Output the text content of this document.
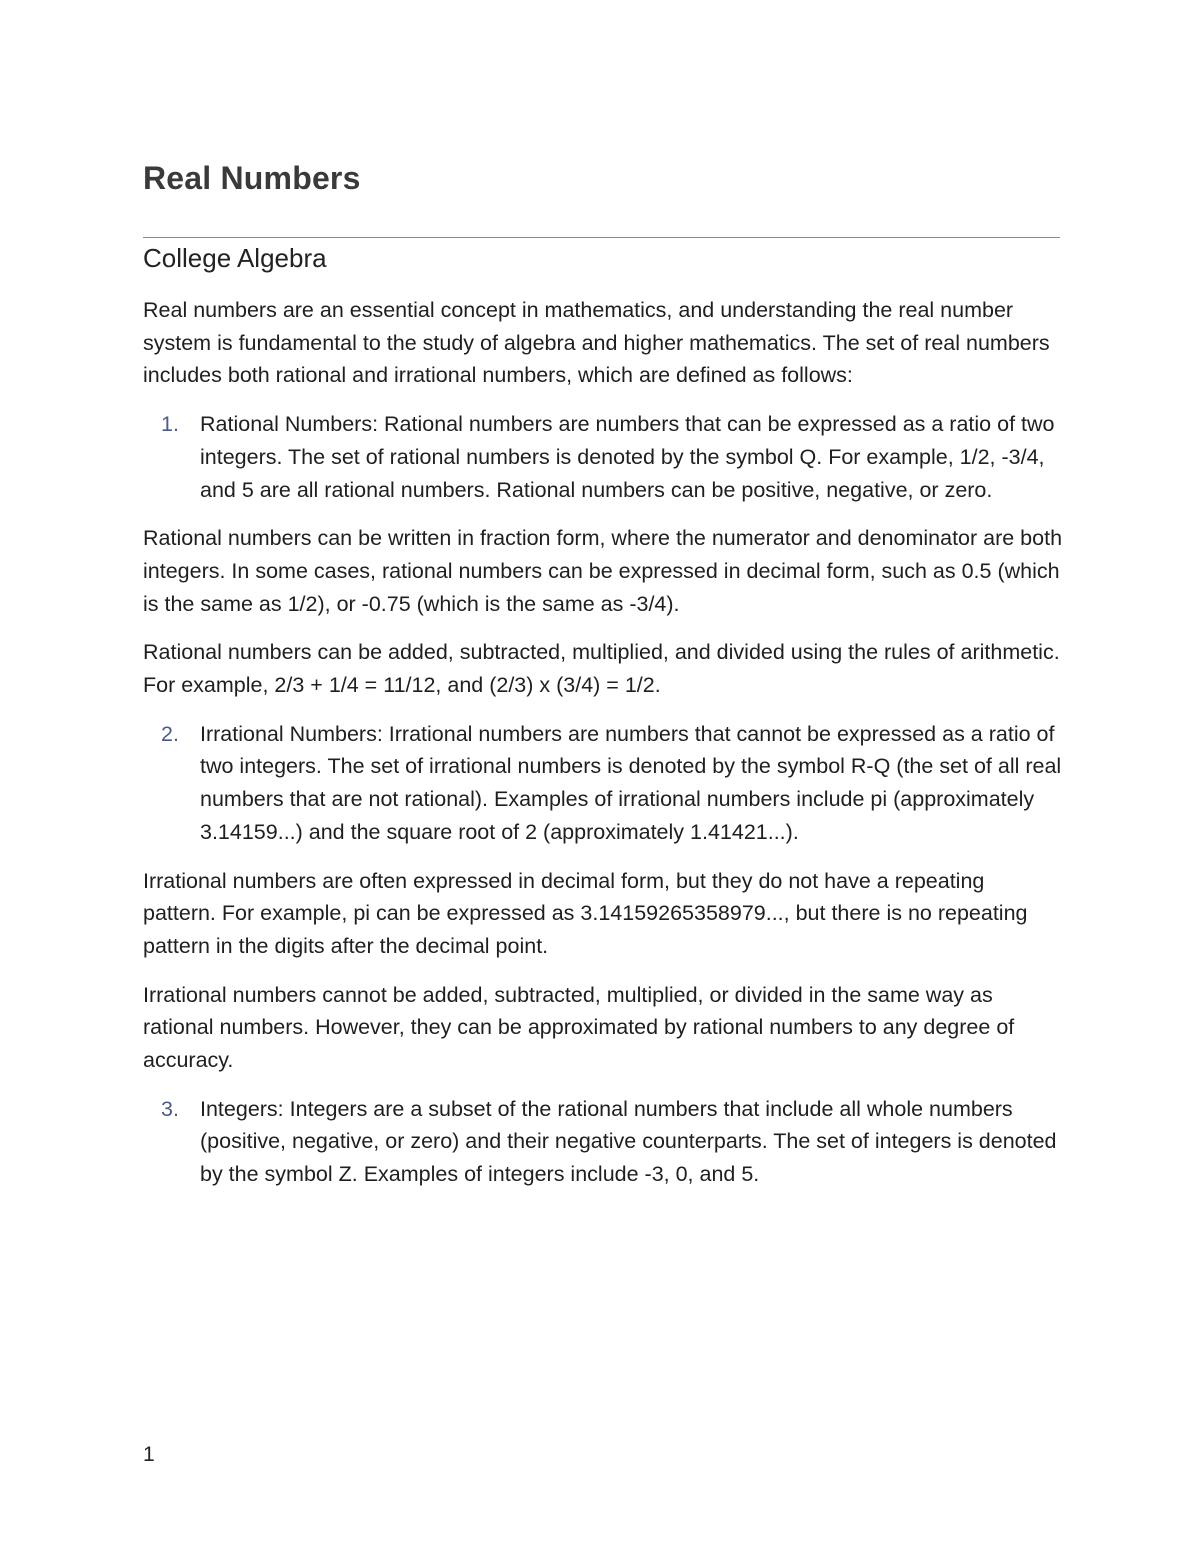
Real Numbers
College Algebra

Real numbers are an essential concept in mathematics, and understanding the real number system is fundamental to the study of algebra and higher mathematics. The set of real numbers includes both rational and irrational numbers, which are defined as follows:

1. Rational Numbers: Rational numbers are numbers that can be expressed as a ratio of two integers. The set of rational numbers is denoted by the symbol Q. For example, 1/2, -3/4, and 5 are all rational numbers. Rational numbers can be positive, negative, or zero.

Rational numbers can be written in fraction form, where the numerator and denominator are both integers. In some cases, rational numbers can be expressed in decimal form, such as 0.5 (which is the same as 1/2), or -0.75 (which is the same as -3/4).

Rational numbers can be added, subtracted, multiplied, and divided using the rules of arithmetic. For example, 2/3 + 1/4 = 11/12, and (2/3) x (3/4) = 1/2.

2. Irrational Numbers: Irrational numbers are numbers that cannot be expressed as a ratio of two integers. The set of irrational numbers is denoted by the symbol R-Q (the set of all real numbers that are not rational). Examples of irrational numbers include pi (approximately 3.14159...) and the square root of 2 (approximately 1.41421...).

Irrational numbers are often expressed in decimal form, but they do not have a repeating pattern. For example, pi can be expressed as 3.14159265358979..., but there is no repeating pattern in the digits after the decimal point.

Irrational numbers cannot be added, subtracted, multiplied, or divided in the same way as rational numbers. However, they can be approximated by rational numbers to any degree of accuracy.

3. Integers: Integers are a subset of the rational numbers that include all whole numbers (positive, negative, or zero) and their negative counterparts. The set of integers is denoted by the symbol Z. Examples of integers include -3, 0, and 5.
1
